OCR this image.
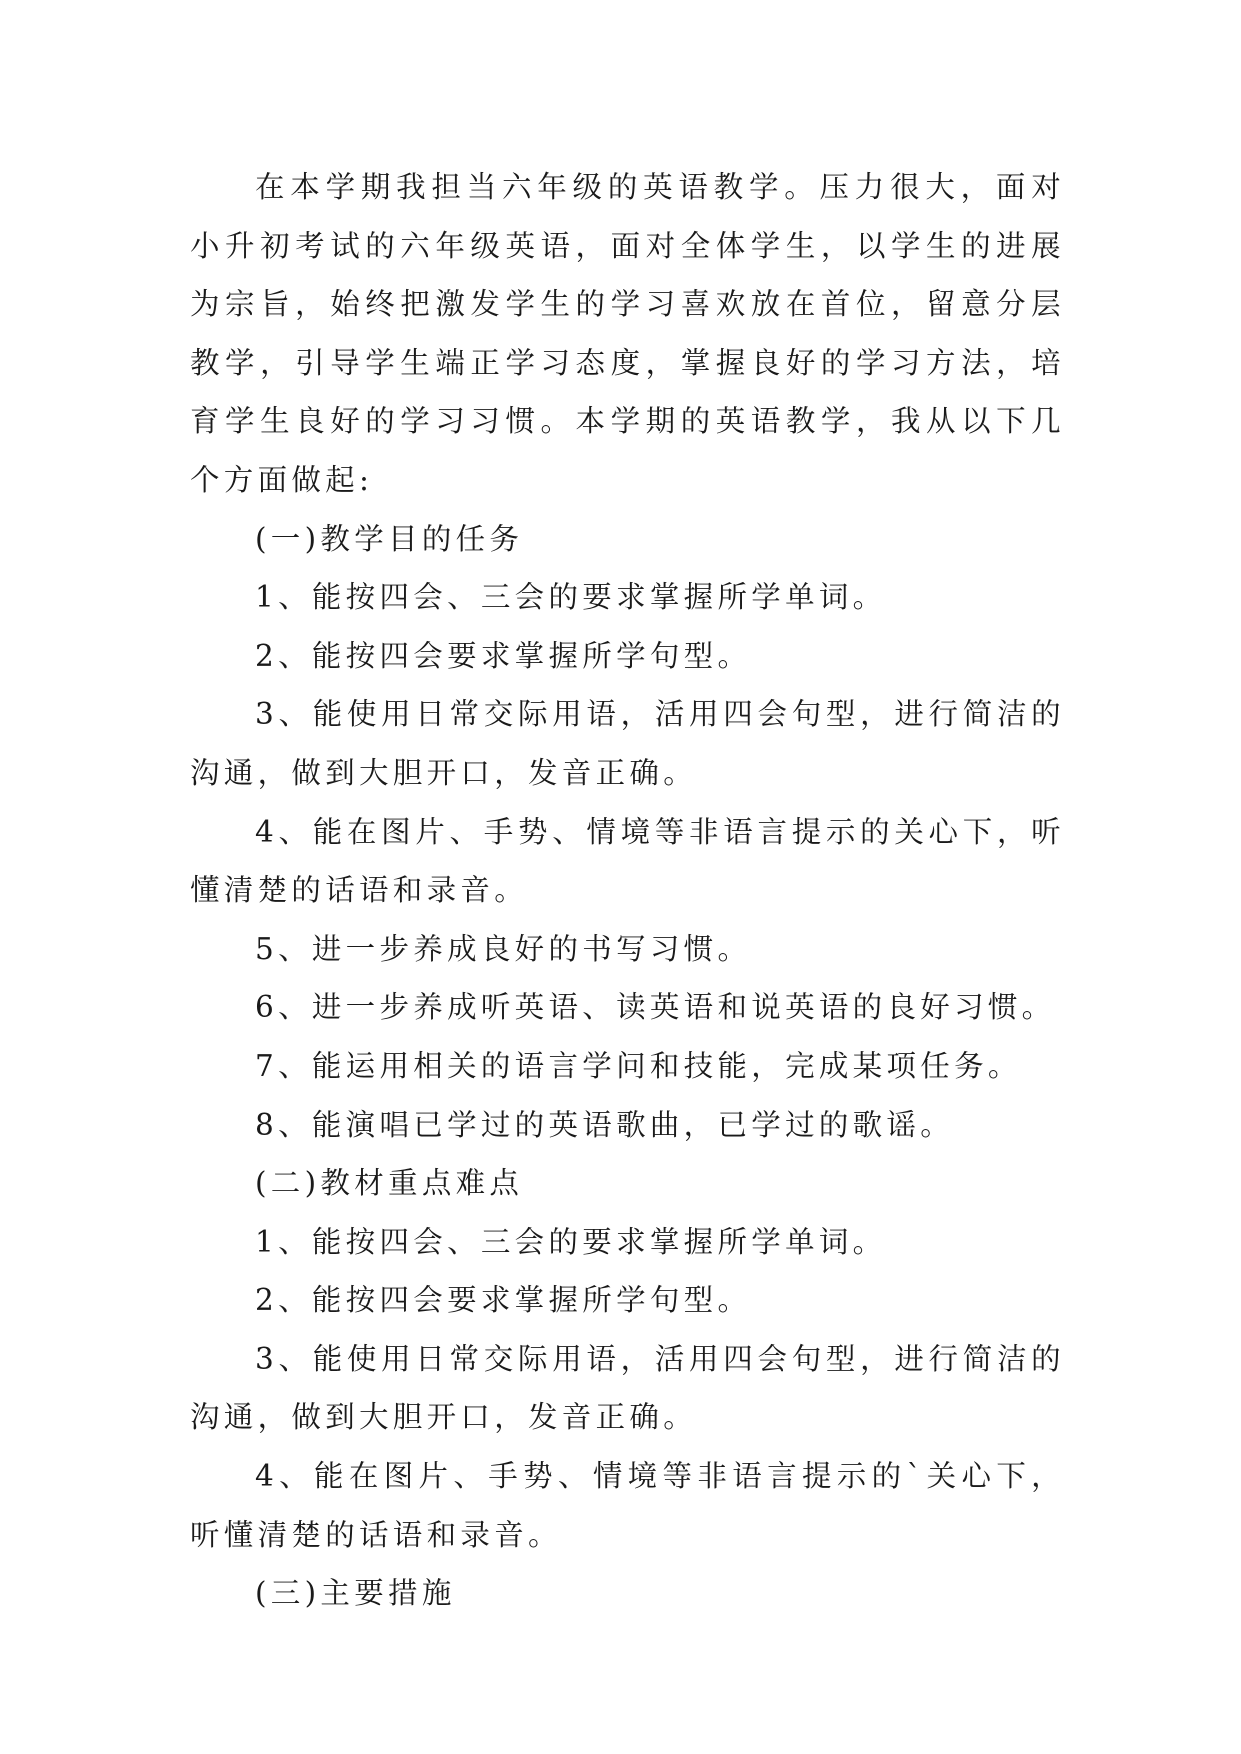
在本学期我担当六年级的英语教学。压力很大，面对小升初考试的六年级英语，面对全体学生，以学生的进展为宗旨，始终把激发学生的学习喜欢放在首位，留意分层教学，引导学生端正学习态度，掌握良好的学习方法，培育学生良好的学习习惯。本学期的英语教学，我从以下几个方面做起:

(一)教学目的任务

1、能按四会、三会的要求掌握所学单词。

2、能按四会要求掌握所学句型。

3、能使用日常交际用语，活用四会句型，进行简洁的沟通，做到大胆开口，发音正确。

4、能在图片、手势、情境等非语言提示的关心下，听懂清楚的话语和录音。

5、进一步养成良好的书写习惯。

6、进一步养成听英语、读英语和说英语的良好习惯。

7、能运用相关的语言学问和技能，完成某项任务。

8、能演唱已学过的英语歌曲，已学过的歌谣。

(二)教材重点难点

1、能按四会、三会的要求掌握所学单词。

2、能按四会要求掌握所学句型。

3、能使用日常交际用语，活用四会句型，进行简洁的沟通，做到大胆开口，发音正确。

4、能在图片、手势、情境等非语言提示的`关心下，听懂清楚的话语和录音。

(三)主要措施
